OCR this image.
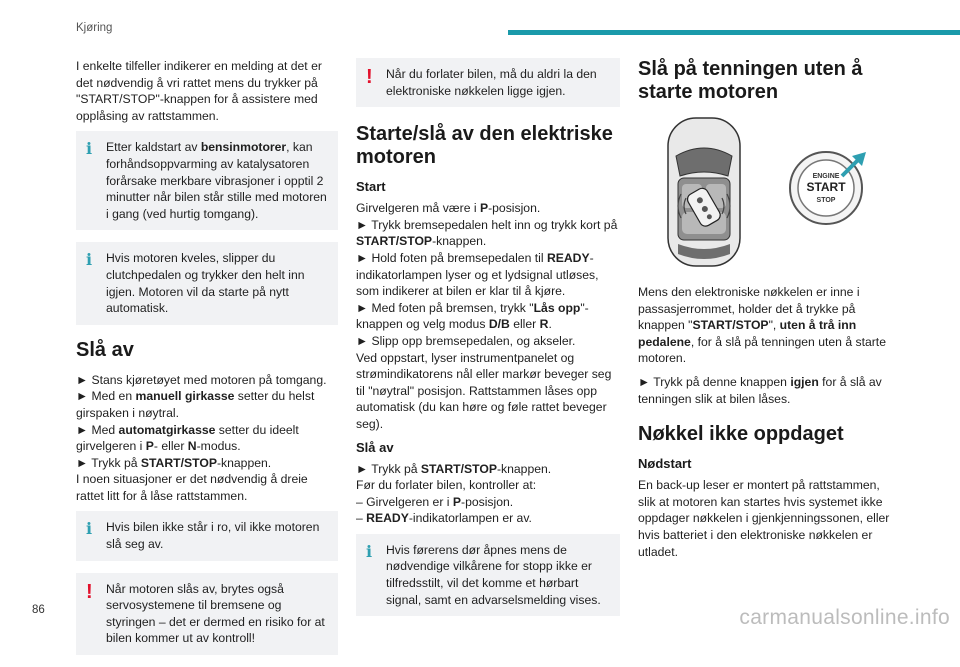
Kjøring

I enkelte tilfeller indikerer en melding at det er
det nødvendig å vri rattet mens du trykker på
"START/STOP"-knappen for å assistere med
opplåsing av rattstammen.

i	Etter kaldstart av bensinmotorer, kan forhåndsoppvarming av katalysatoren forårsake merkbare vibrasjoner i opptil 2 minutter når bilen står stille med motoren i gang (ved hurtig tomgang).

i	Hvis motoren kveles, slipper du clutchpedalen og trykker den helt inn igjen. Motoren vil da starte på nytt automatisk.

Slå av

► Stans kjøretøyet med motoren på tomgang.

► Med en manuell girkasse setter du helst girspaken i nøytral.

► Med automatgirkasse setter du ideelt girvelgeren i P- eller N-modus.

► Trykk på START/STOP-knappen.

I noen situasjoner er det nødvendig å dreie rattet litt for å låse rattstammen.

i	Hvis bilen ikke står i ro, vil ikke motoren slå seg av.

!	Når motoren slås av, brytes også servosystemene til bremsene og styringen – det er dermed en risiko for at bilen kommer ut av kontroll!

!	Når du forlater bilen, må du aldri la den elektroniske nøkkelen ligge igjen.

Starte/slå av den elektriske motoren
Start

Girvelgeren må være i P-posisjon.

► Trykk bremsepedalen helt inn og trykk kort på START/STOP-knappen.

► Hold foten på bremsepedalen til READY-indikatorlampen lyser og et lydsignal utløses, som indikerer at bilen er klar til å kjøre.

► Med foten på bremsen, trykk "Lås opp"-knappen og velg modus D/B eller R.

► Slipp opp bremsepedalen, og akseler.

Ved oppstart, lyser instrumentpanelet og strømindikatorens nål eller markør beveger seg til "nøytral" posisjon. Rattstammen låses opp automatisk (du kan høre og føle rattet beveger seg).

Slå av

► Trykk på START/STOP-knappen.

Før du forlater bilen, kontroller at:

– Girvelgeren er i P-posisjon.

– READY-indikatorlampen er av.

i	Hvis førerens dør åpnes mens de nødvendige vilkårene for stopp ikke er tilfredsstilt, vil det komme et hørbart signal, samt en advarselsmelding vises.

Slå på tenningen uten å starte motoren
ENGINE
START
STOP

Mens den elektroniske nøkkelen er inne i passasjerrommet, holder det å trykke på knappen "START/STOP", uten å trå inn pedalene, for å slå på tenningen uten å starte motoren.

► Trykk på denne knappen igjen for å slå av tenningen slik at bilen låses.

Nøkkel ikke oppdaget
Nødstart

En back-up leser er montert på rattstammen, slik at motoren kan startes hvis systemet ikke oppdager nøkkelen i gjenkjenningssonen, eller hvis batteriet i den elektroniske nøkkelen er utladet.

86	carmanualsonline.info
